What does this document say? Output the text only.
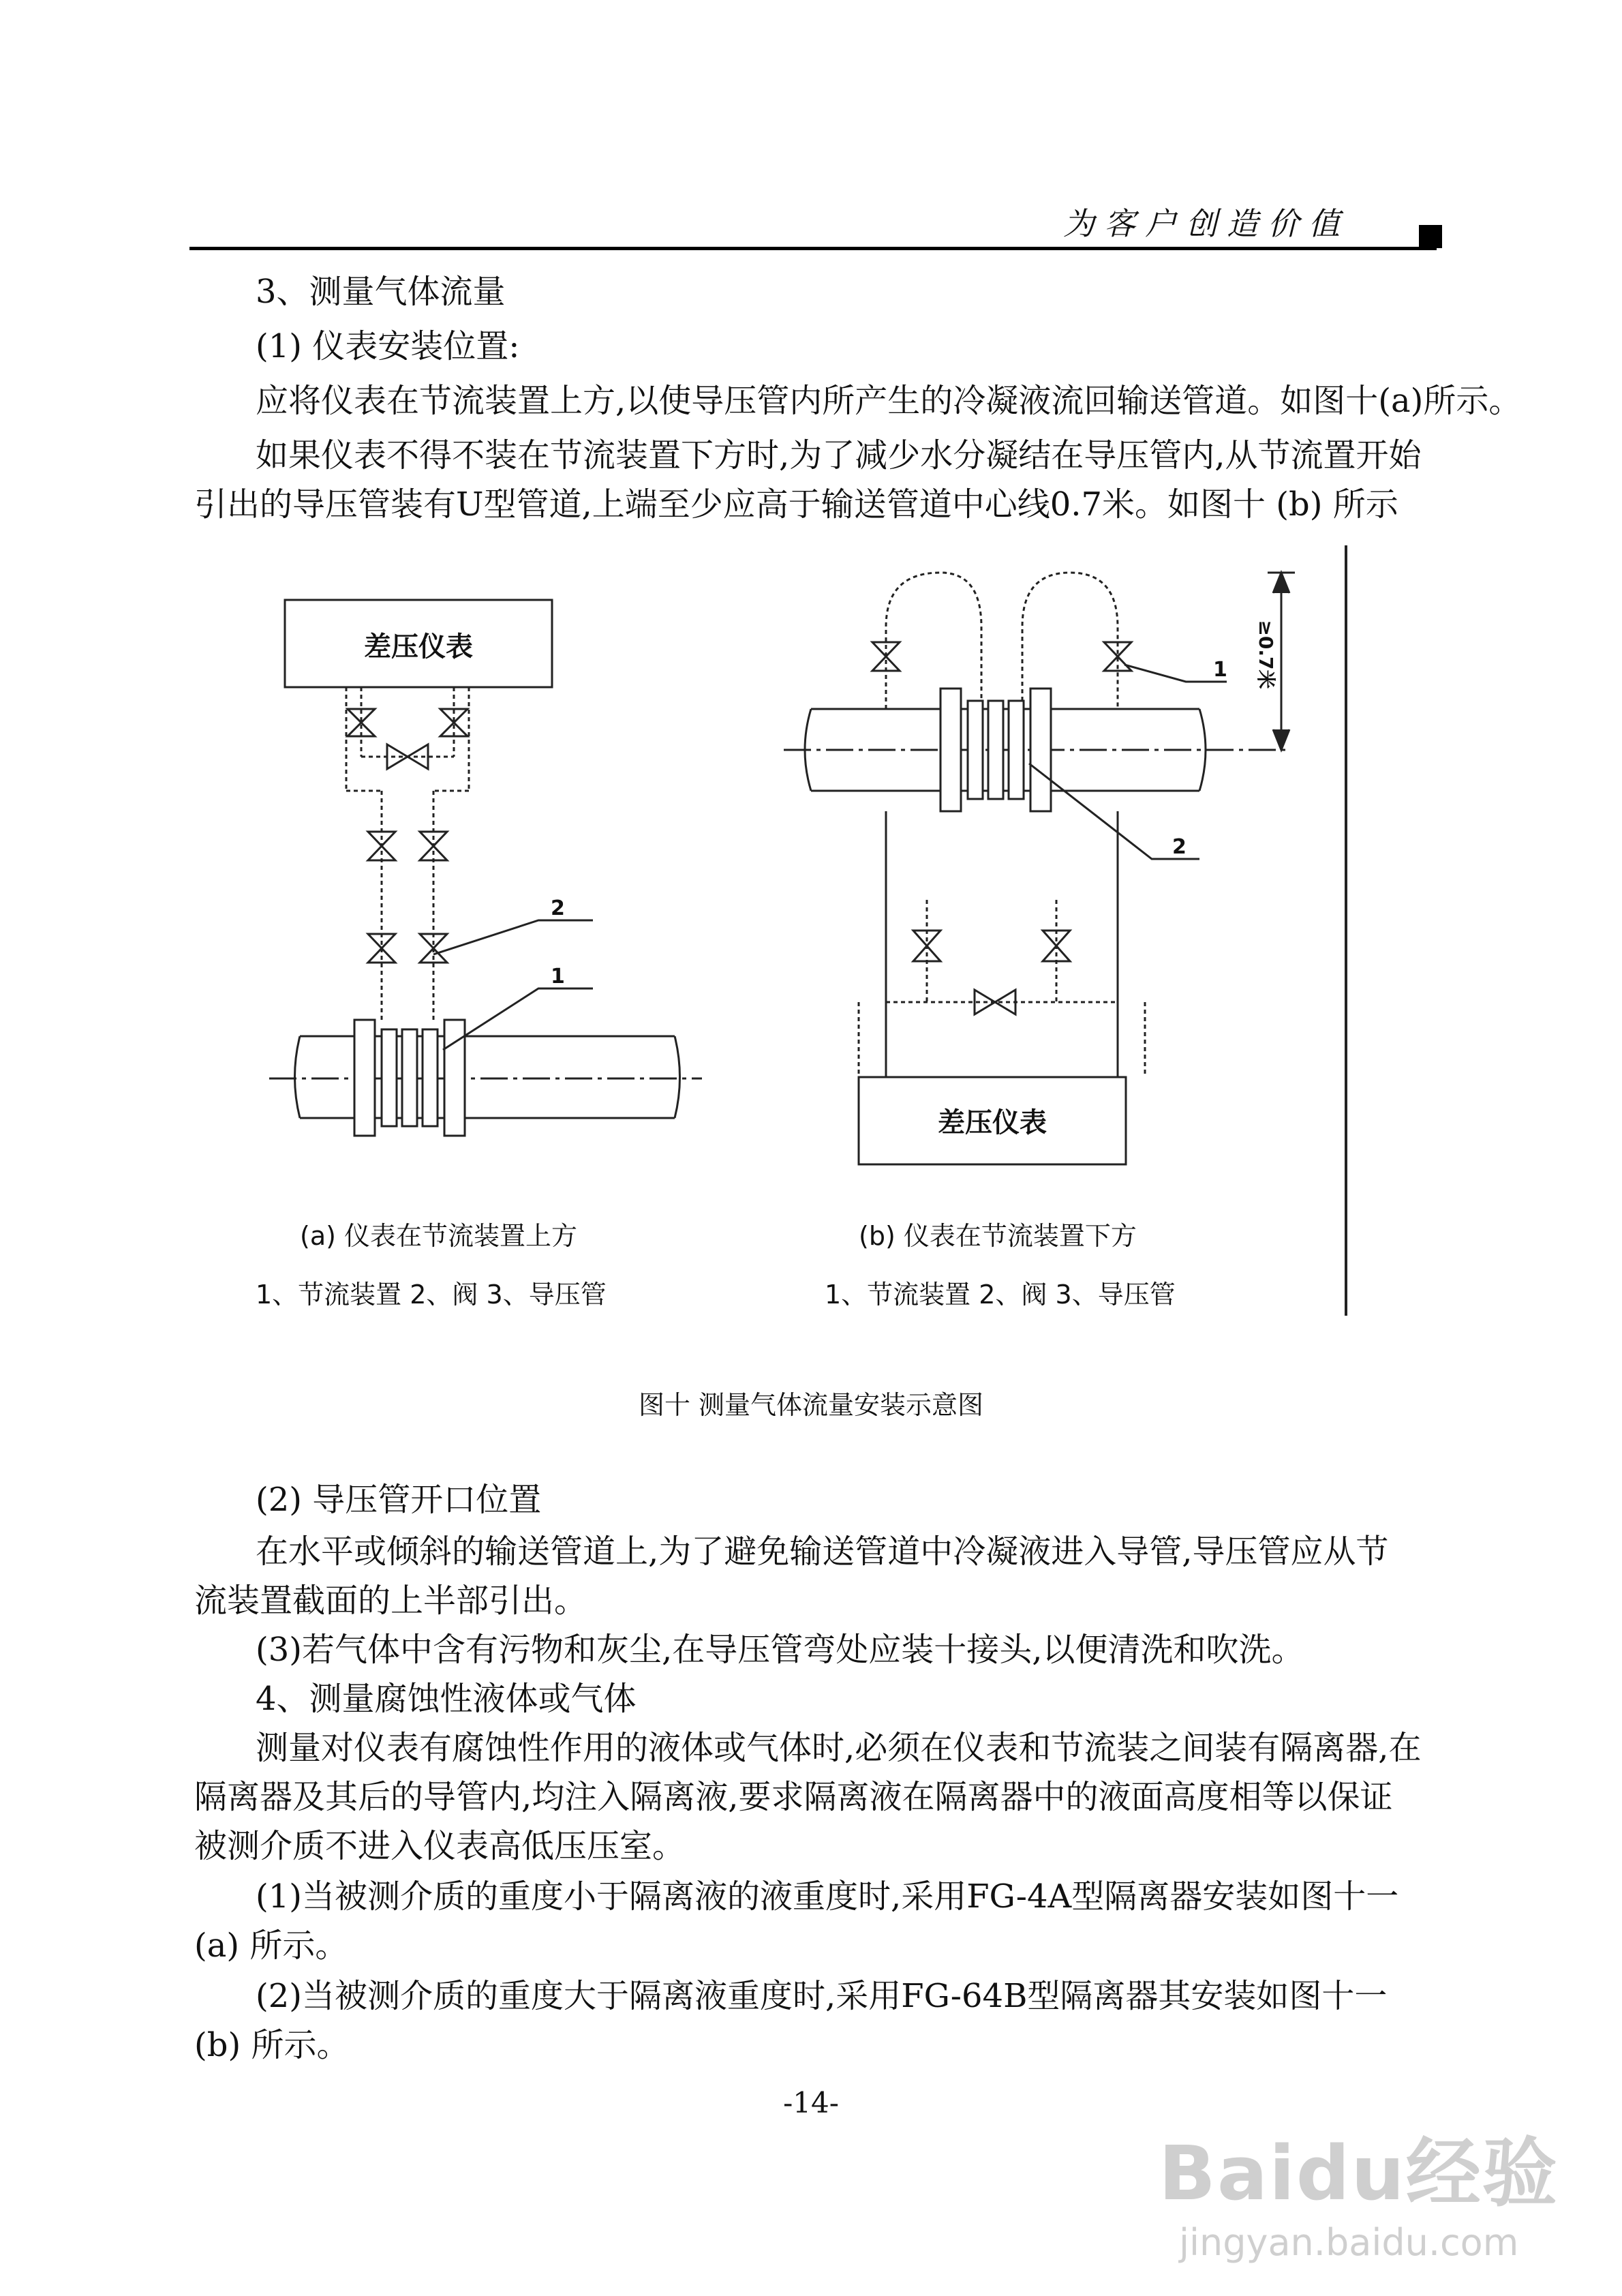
为客户创造价值
3、测量气体流量
(1) 仪表安装位置:
应将仪表在节流装置上方,以使导压管内所产生的冷凝液流回输送管道。如图十(a)所示。
如果仪表不得不装在节流装置下方时,为了减少水分凝结在导压管内,从节流置开始
引出的导压管装有U型管道,上端至少应高于输送管道中心线0.7米。如图十 (b) 所示
差压仪表
2
1
差压仪表
1
2
≥0.7米
(a) 仪表在节流装置上方
1、节流装置 2、阀 3、导压管
(b) 仪表在节流装置下方
1、节流装置 2、阀 3、导压管
图十 测量气体流量安装示意图
(2) 导压管开口位置
在水平或倾斜的输送管道上,为了避免输送管道中冷凝液进入导管,导压管应从节
流装置截面的上半部引出。
(3)若气体中含有污物和灰尘,在导压管弯处应装十接头,以便清洗和吹洗。
4、测量腐蚀性液体或气体
测量对仪表有腐蚀性作用的液体或气体时,必须在仪表和节流装之间装有隔离器,在
隔离器及其后的导管内,均注入隔离液,要求隔离液在隔离器中的液面高度相等以保证
被测介质不进入仪表高低压压室。
(1)当被测介质的重度小于隔离液的液重度时,采用FG-4A型隔离器安装如图十一
(a) 所示。
(2)当被测介质的重度大于隔离液重度时,采用FG-64B型隔离器其安装如图十一
(b) 所示。
-14-
Baidu经验
jingyan.baidu.com
